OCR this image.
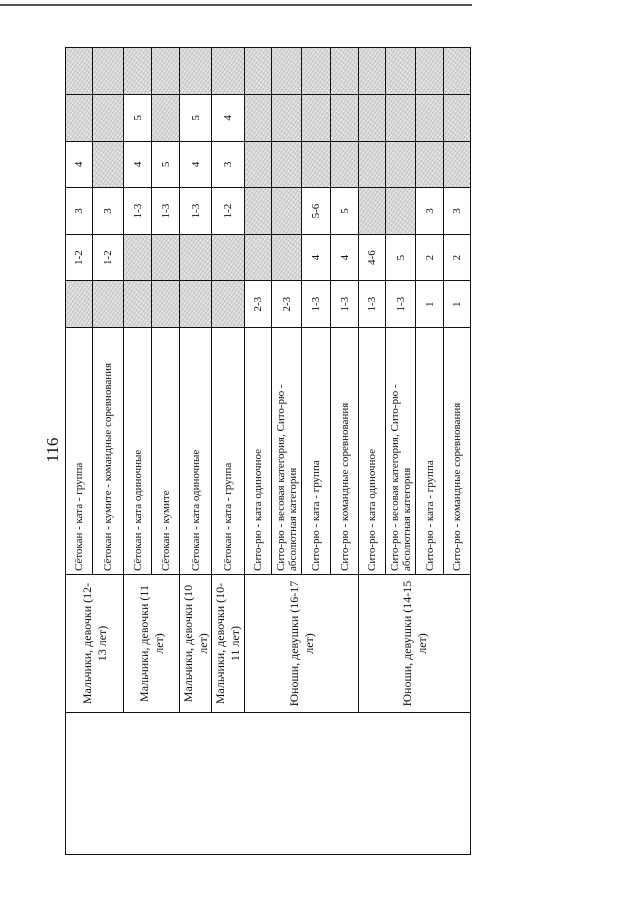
116
	Мальчики, девочки (12-13 лет)	Сётокан - ката - группа		1-2	3	4		
		Сётокан - кумите - командные соревнования		1-2	3			
	Мальчики, девочки (11 лет)	Сётокан - ката одиночные			1-3	4	5	
		Сётокан - кумите			1-3	5		
	Мальчики, девочки (10 лет)	Сётокан - ката одиночные			1-3	4	5	
	Мальчики, девочки (10-11 лет)	Сётокан - ката - группа			1-2	3	4	
	Юноши, девушки (16-17 лет)	Сито-рю - ката одиночное	2-3					
		Сито-рю - весовая категория, Сито-рю - абсолютная категория	2-3					
		Сито-рю - ката - группа	1-3	4	5-6			
		Сито-рю - командные соревнования	1-3	4	5			
	Юноши, девушки (14-15 лет)	Сито-рю - ката одиночное	1-3	4-6				
		Сито-рю - весовая категория, Сито-рю - абсолютная категория	1-3	5				
		Сито-рю - ката - группа	1	2	3			
		Сито-рю - командные соревнования	1	2	3			
